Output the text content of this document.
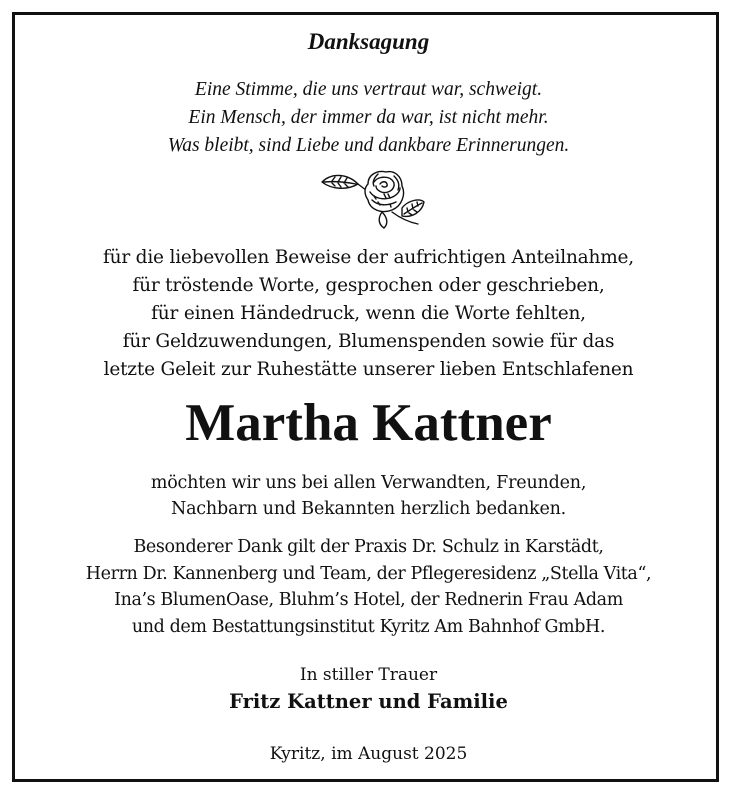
Danksagung
Eine Stimme, die uns vertraut war, schweigt.
Ein Mensch, der immer da war, ist nicht mehr.
Was bleibt, sind Liebe und dankbare Erinnerungen.
für die liebevollen Beweise der aufrichtigen Anteilnahme,
für tröstende Worte, gesprochen oder geschrieben,
für einen Händedruck, wenn die Worte fehlten,
für Geldzuwendungen, Blumenspenden sowie für das
letzte Geleit zur Ruhestätte unserer lieben Entschlafenen
Martha Kattner
möchten wir uns bei allen Verwandten, Freunden,
Nachbarn und Bekannten herzlich bedanken.
Besonderer Dank gilt der Praxis Dr. Schulz in Karstädt,
Herrn Dr. Kannenberg und Team, der Pflegeresidenz „Stella Vita“,
Ina’s BlumenOase, Bluhm’s Hotel, der Rednerin Frau Adam
und dem Bestattungsinstitut Kyritz Am Bahnhof GmbH.
In stiller Trauer
Fritz Kattner und Familie
Kyritz, im August 2025
